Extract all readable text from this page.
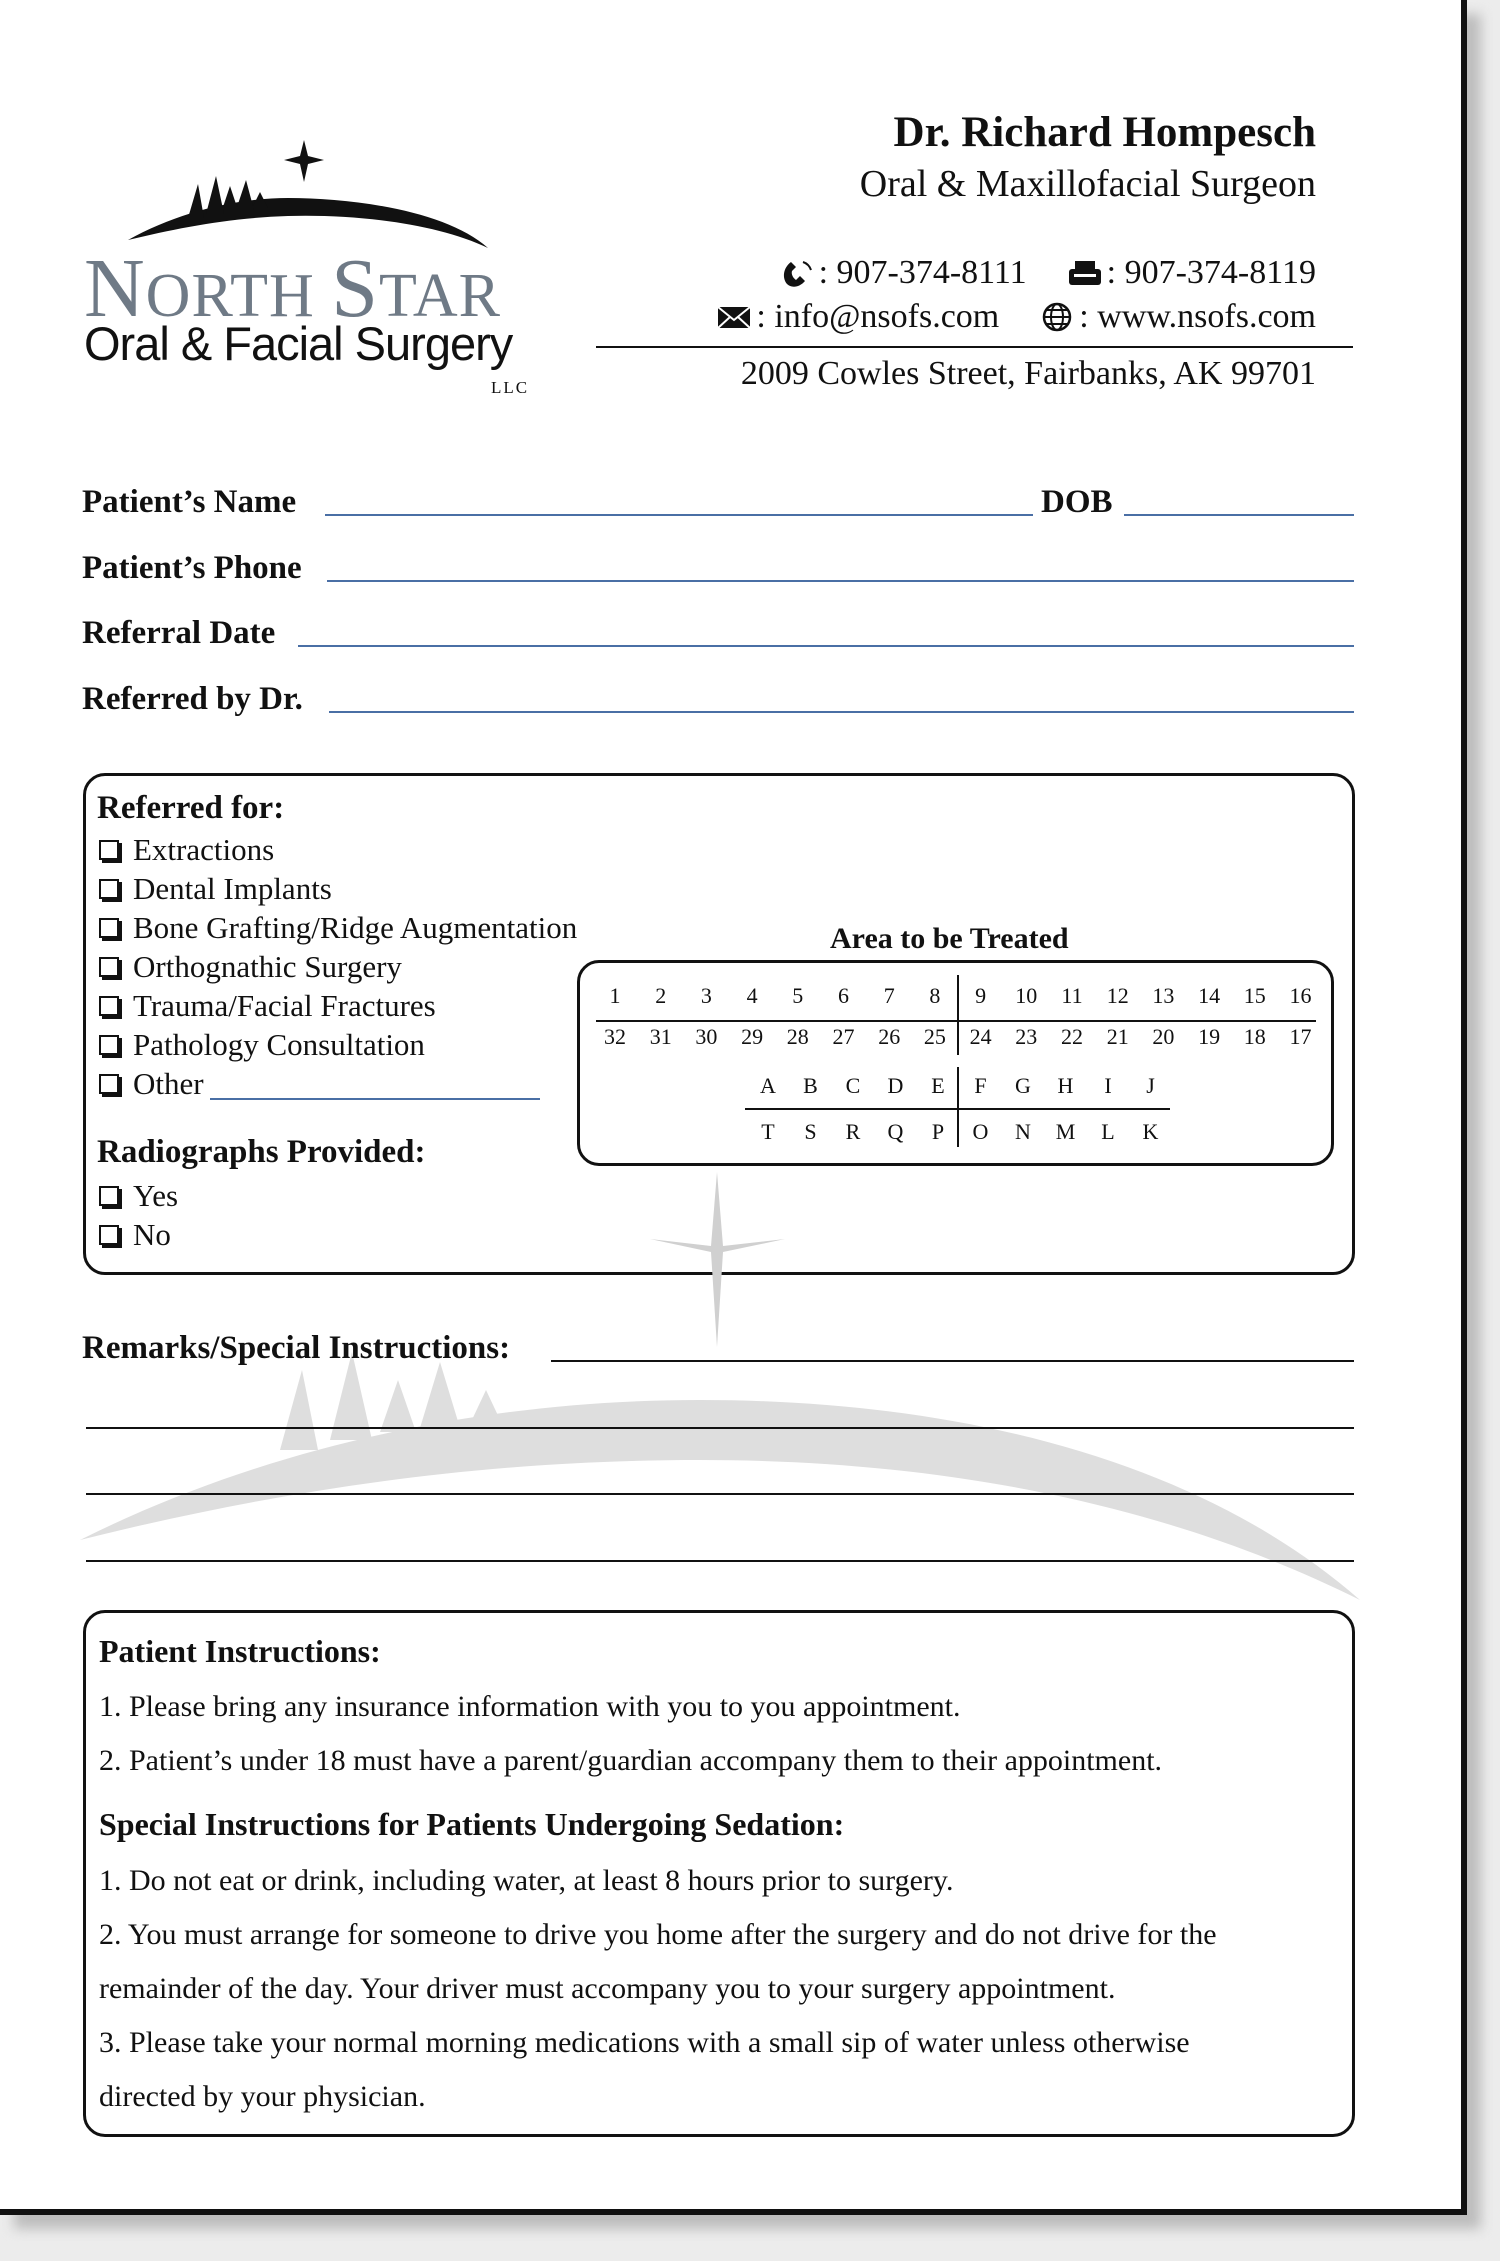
NORTH STAR
Oral & Facial Surgery
LLC
Dr. Richard Hompesch
Oral & Maxillofacial Surgeon
: 907-374-8111 : 907-374-8119
: info@nsofs.com : www.nsofs.com
2009 Cowles Street, Fairbanks, AK 99701
Patient’s Name	DOB
Patient’s Phone
Referral Date
Referred by Dr.
Referred for:
Extractions
Dental Implants
Bone Grafting/Ridge Augmentation
Orthognathic Surgery
Trauma/Facial Fractures
Pathology Consultation
Other
Radiographs Provided:
Yes
No
Area to be Treated
1	2	3	4	5	6	7	8	9	10	11	12	13	14	15	16
32	31	30	29	28	27	26	25	24	23	22	21	20	19	18	17
A	B	C	D	E	F	G	H	I	J
T	S	R	Q	P	O	N	M	L	K
Remarks/Special Instructions:
Patient Instructions:
1. Please bring any insurance information with you to you appointment.
2. Patient’s under 18 must have a parent/guardian accompany them to their appointment.
Special Instructions for Patients Undergoing Sedation:
1. Do not eat or drink, including water, at least 8 hours prior to surgery.
2. You must arrange for someone to drive you home after the surgery and do not drive for the
remainder of the day. Your driver must accompany you to your surgery appointment.
3. Please take your normal morning medications with a small sip of water unless otherwise
directed by your physician.
